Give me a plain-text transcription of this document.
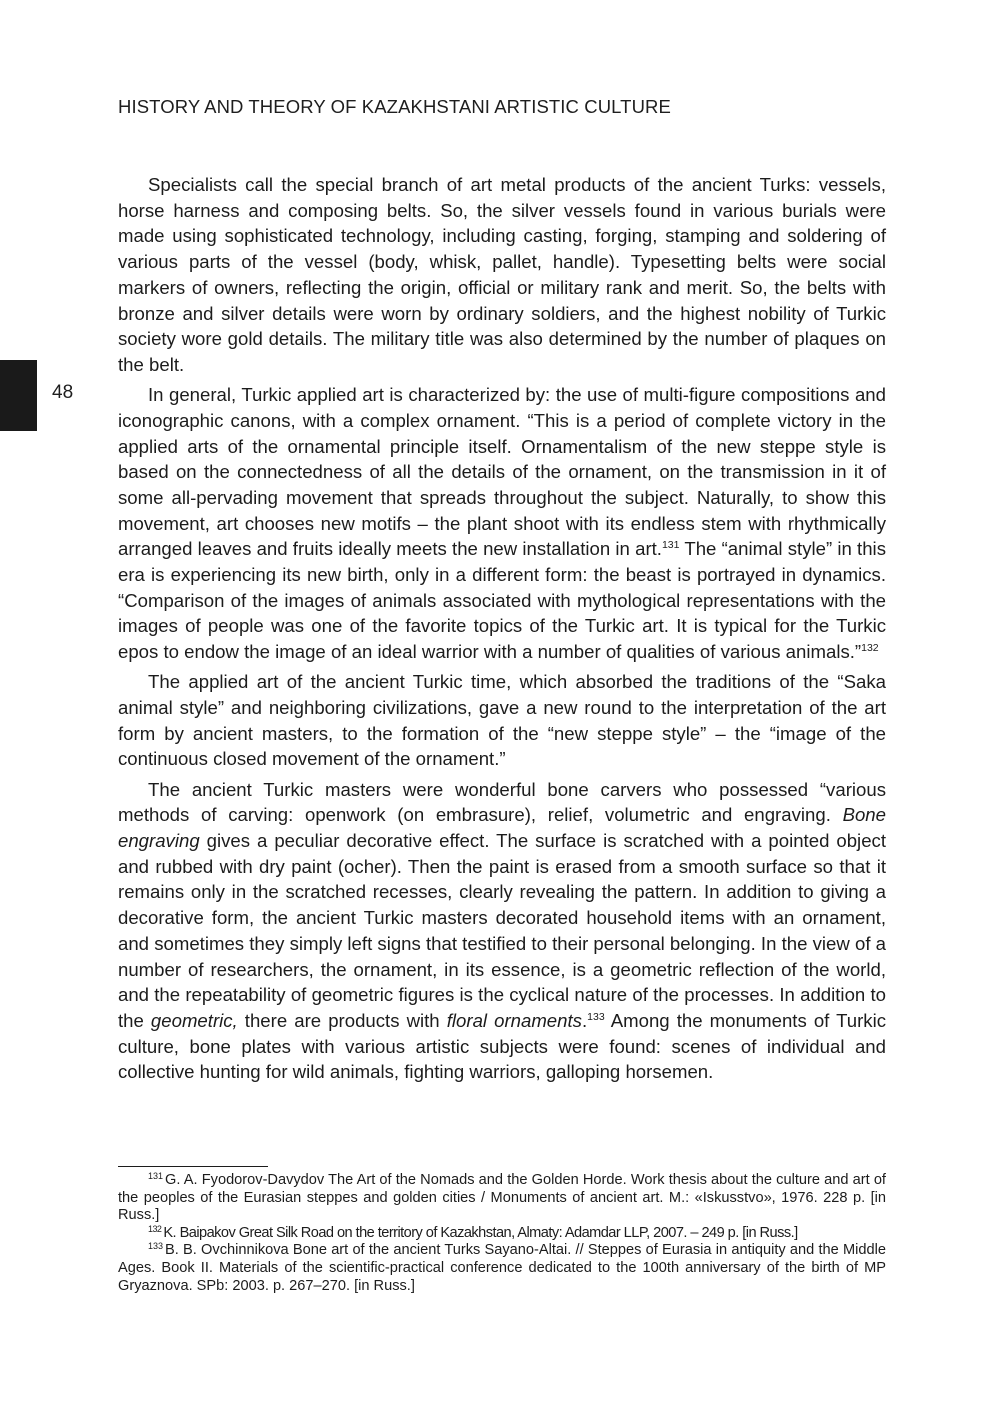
HISTORY AND THEORY OF KAZAKHSTANI ARTISTIC CULTURE
48

Specialists call the special branch of art metal products of the ancient Turks: vessels, horse harness and composing belts. So, the silver vessels found in various burials were made using sophisticated technology, including casting, forging, stamping and soldering of various parts of the vessel (body, whisk, pallet, handle). Typesetting belts were social markers of owners, reflecting the origin, official or military rank and merit. So, the belts with bronze and silver details were worn by ordinary soldiers, and the highest nobility of Turkic society wore gold details. The military title was also determined by the number of plaques on the belt.

In general, Turkic applied art is characterized by: the use of multi-figure compositions and iconographic canons, with a complex ornament. “This is a period of complete victory in the applied arts of the ornamental principle itself. Ornamentalism of the new steppe style is based on the connectedness of all the details of the ornament, on the transmission in it of some all-pervading movement that spreads throughout the subject. Naturally, to show this movement, art chooses new motifs – the plant shoot with its endless stem with rhythmically arranged leaves and fruits ideally meets the new installation in art.$^{131}$ The “animal style” in this era is experiencing its new birth, only in a different form: the beast is portrayed in dynamics. “Comparison of the images of animals associated with mythological representations with the images of people was one of the favorite topics of the Turkic art. It is typical for the Turkic epos to endow the image of an ideal warrior with a number of qualities of various animals.”$^{132}$

The applied art of the ancient Turkic time, which absorbed the traditions of the “Saka animal style” and neighboring civilizations, gave a new round to the interpretation of the art form by ancient masters, to the formation of the “new steppe style” – the “image of the continuous closed movement of the ornament.”

The ancient Turkic masters were wonderful bone carvers who possessed “various methods of carving: openwork (on embrasure), relief, volumetric and engraving. Bone engraving gives a peculiar decorative effect. The surface is scratched with a pointed object and rubbed with dry paint (ocher). Then the paint is erased from a smooth surface so that it remains only in the scratched recesses, clearly revealing the pattern. In addition to giving a decorative form, the ancient Turkic masters decorated household items with an ornament, and sometimes they simply left signs that testified to their personal belonging. In the view of a number of researchers, the ornament, in its essence, is a geometric reflection of the world, and the repeatability of geometric figures is the cyclical nature of the processes. In addition to the geometric, there are products with floral ornaments.$^{133}$ Among the monuments of Turkic culture, bone plates with various artistic subjects were found: scenes of individual and collective hunting for wild animals, fighting warriors, galloping horsemen.

$^{131}$ G. A. Fyodorov-Davydov The Art of the Nomads and the Golden Horde. Work thesis about the culture and art of the peoples of the Eurasian steppes and golden cities / Monuments of ancient art. M.: «Iskusstvo», 1976. 228 p. [in Russ.]

$^{132}$ K. Baipakov Great Silk Road on the territory of Kazakhstan, Almaty: Adamdar LLP, 2007. – 249 p. [in Russ.]

$^{133}$ B. B. Ovchinnikova Bone art of the ancient Turks Sayano-Altai. // Steppes of Eurasia in antiquity and the Middle Ages. Book II. Materials of the scientific-practical conference dedicated to the 100th anniversary of the birth of MP Gryaznova. SPb: 2003. p. 267–270. [in Russ.]
